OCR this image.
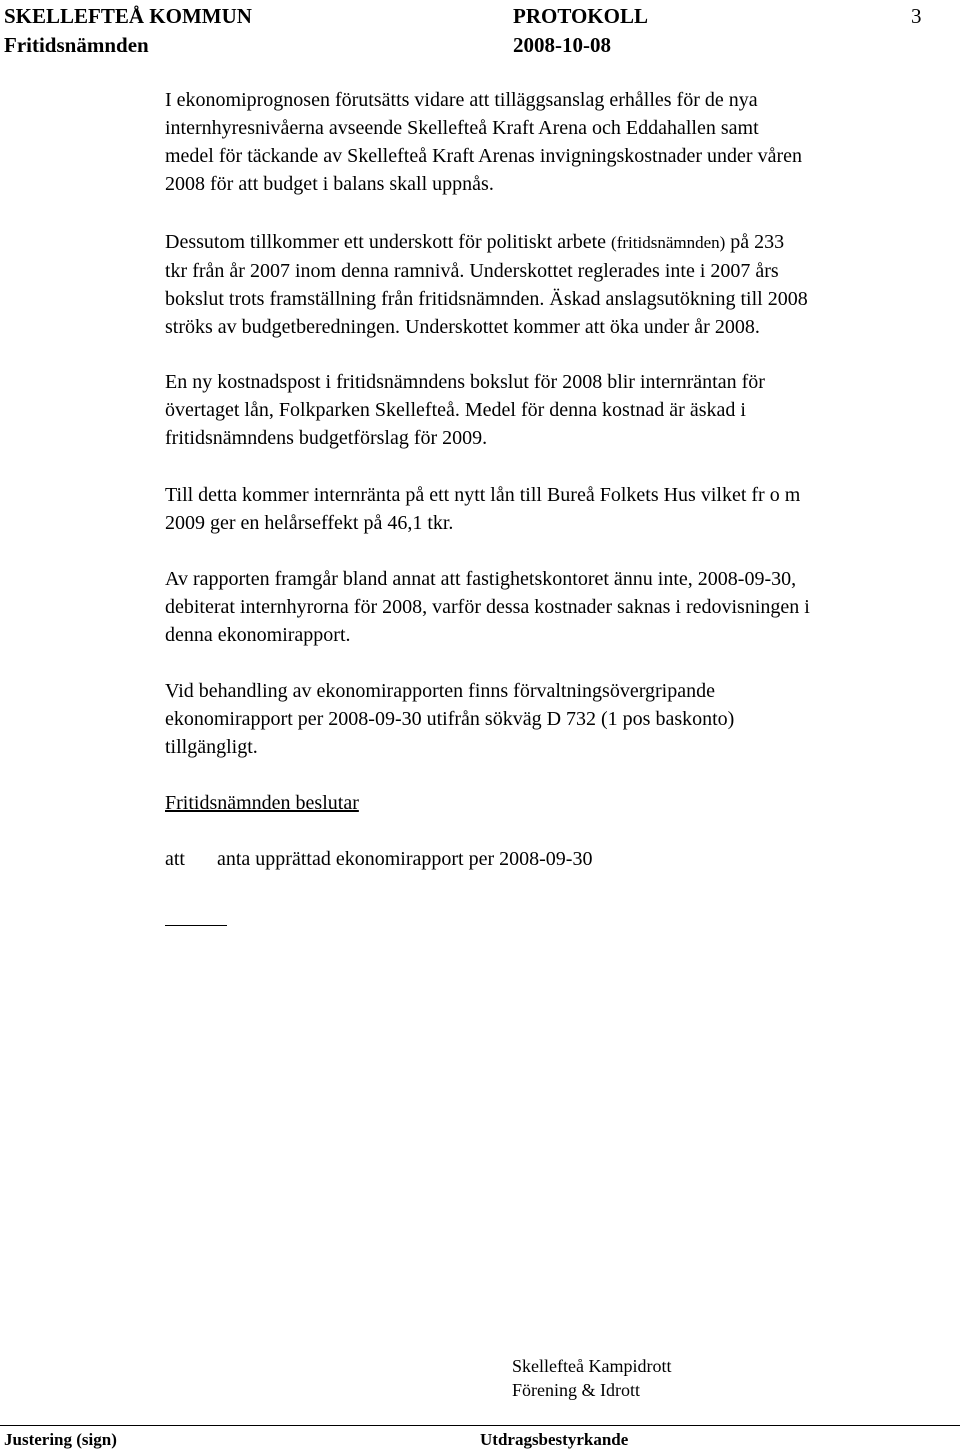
SKELLEFTEÅ KOMMUN	PROTOKOLL	3
Fritidsnämnden	2008-10-08

I ekonomiprognosen förutsätts vidare att tilläggsanslag erhålles för de nya

internhyresnivåerna avseende Skellefteå Kraft Arena och Eddahallen samt

medel för täckande av Skellefteå Kraft Arenas invigningskostnader under våren

2008 för att budget i balans skall uppnås.

Dessutom tillkommer ett underskott för politiskt arbete (fritidsnämnden) på 233

tkr från år 2007 inom denna ramnivå. Underskottet reglerades inte i 2007 års

bokslut trots framställning från fritidsnämnden. Äskad anslagsutökning till 2008

ströks av budgetberedningen. Underskottet kommer att öka under år 2008.

En ny kostnadspost i fritidsnämndens bokslut för 2008 blir internräntan för

övertaget lån, Folkparken Skellefteå. Medel för denna kostnad är äskad i

fritidsnämndens budgetförslag för 2009.

Till detta kommer internränta på ett nytt lån till Bureå Folkets Hus vilket fr o m

2009 ger en helårseffekt på 46,1 tkr.

Av rapporten framgår bland annat att fastighetskontoret ännu inte, 2008-09-30,

debiterat internhyrorna för 2008, varför dessa kostnader saknas i redovisningen i

denna ekonomirapport.

Vid behandling av ekonomirapporten finns förvaltningsövergripande

ekonomirapport per 2008-09-30 utifrån sökväg D 732 (1 pos baskonto)

tillgängligt.

Fritidsnämnden beslutar

att anta upprättad ekonomirapport per 2008-09-30

Skellefteå Kampidrott
Förening & Idrott
Justering (sign)	Utdragsbestyrkande
